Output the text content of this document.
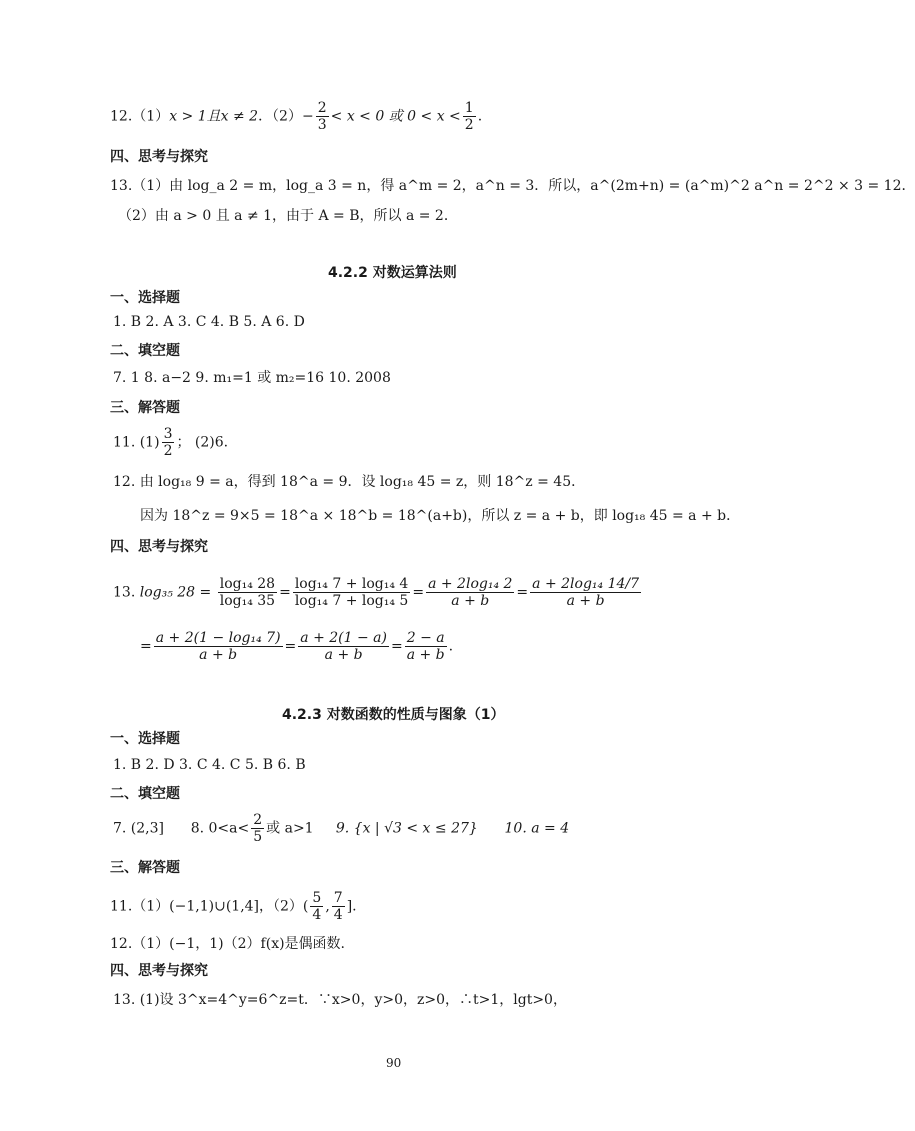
12.（1）x > 1且x ≠ 2．$(2)- \frac{2}{3} < x < 0$ 或 $0 < x < \frac{1}{2}$ .
四、思考与探究
13.（1）由 log_a 2 = m，log_a 3 = n，得 a^m = 2，a^n = 3．所以，a^(2m+n) = (a^m)^2 a^n = 2^2 × 3 = 12．
（2）由 a > 0 且 a ≠ 1，由于 A = B，所以 a = 2．
4.2.2 对数运算法则
一、选择题
1. B 2. A 3. C 4. B 5. A 6. D
二、填空题
7. 1 8. a−2 9. m₁=1 或 m₂=16 10. 2008
三、解答题
11. $(1) \frac{3}{2}$ ； (2)6.
12. 由 log₁₈ 9 = a，得到 18^a = 9．设 log₁₈ 45 = z，则 18^z = 45．
因为 18^z = 9×5 = 18^a × 18^b = 18^(a+b)，所以 z = a + b，即 log₁₈ 45 = a + b．
四、思考与探究
13. log₃₅ $28 = \frac{\text{log₁₄ 28}}{\text{log₁₄ 35}} = \frac{\text{log₁₄ 7 + log₁₄ 4}}{\text{log₁₄ 7 + log₁₄ 5}} = \frac{\text{a + 2log₁₄ 2}}{a + b} = \frac{\text{a + 2log₁₄ 14/7}}{a + b}$
= $\frac{\text{a + 2(1 − log₁₄ 7)}}{a + b} = \frac{a + 2(1 - a)}{a + b} = \frac{2 - a}{a + b}$ .
4.2.3 对数函数的性质与图象（1）
一、选择题
1. B 2. D 3. C 4. C 5. B 6. B
二、填空题
7. (2,3] 8. $0<a< \frac{2}{5}$ 或 a>1 9. {x | √3 < x ≤ 27} 10. a = 4
三、解答题
11.（1）(−1,1)∪(1,4]，$(2)( \frac{5}{4}$ , $\frac{7}{4}$ ].
12.（1）(−1，1)（2）f(x)是偶函数.
四、思考与探究
13. (1)设 3^x=4^y=6^z=t．∵x>0，y>0，z>0，∴t>1，lgt>0，
90
